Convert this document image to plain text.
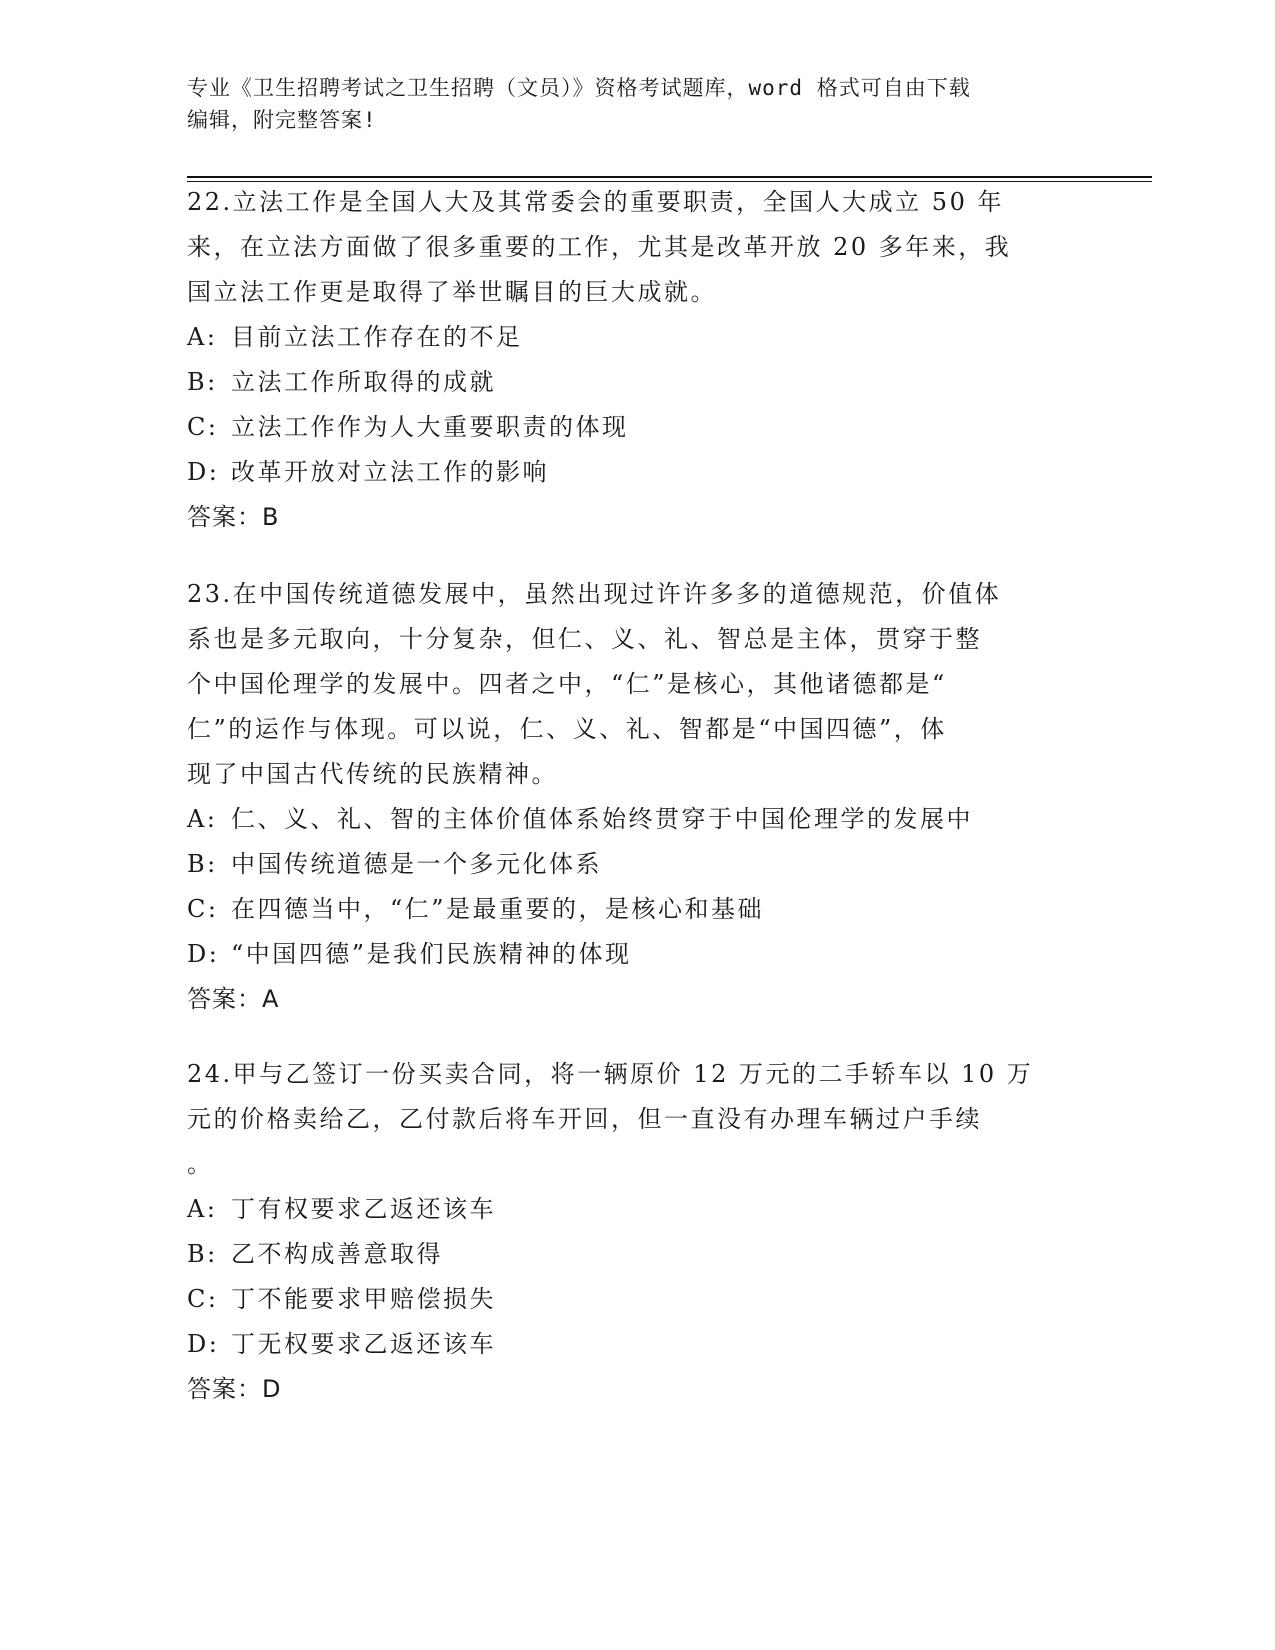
专业《卫生招聘考试之卫生招聘（文员）》资格考试题库，word 格式可自由下载
编辑，附完整答案!
22.立法工作是全国人大及其常委会的重要职责，全国人大成立 50 年
来，在立法方面做了很多重要的工作，尤其是改革开放 20 多年来，我
国立法工作更是取得了举世瞩目的巨大成就。
A: 目前立法工作存在的不足
B: 立法工作所取得的成就
C: 立法工作作为人大重要职责的体现
D: 改革开放对立法工作的影响
答案：B
23.在中国传统道德发展中，虽然出现过许许多多的道德规范，价值体
系也是多元取向，十分复杂，但仁、义、礼、智总是主体，贯穿于整
个中国伦理学的发展中。四者之中，“仁”是核心，其他诸德都是“
仁”的运作与体现。可以说，仁、义、礼、智都是“中国四德”，体
现了中国古代传统的民族精神。
A: 仁、义、礼、智的主体价值体系始终贯穿于中国伦理学的发展中
B: 中国传统道德是一个多元化体系
C: 在四德当中，“仁”是最重要的，是核心和基础
D: “中国四德”是我们民族精神的体现
答案：A
24.甲与乙签订一份买卖合同，将一辆原价 12 万元的二手轿车以 10 万
元的价格卖给乙，乙付款后将车开回，但一直没有办理车辆过户手续
。
A: 丁有权要求乙返还该车
B: 乙不构成善意取得
C: 丁不能要求甲赔偿损失
D: 丁无权要求乙返还该车
答案：D
